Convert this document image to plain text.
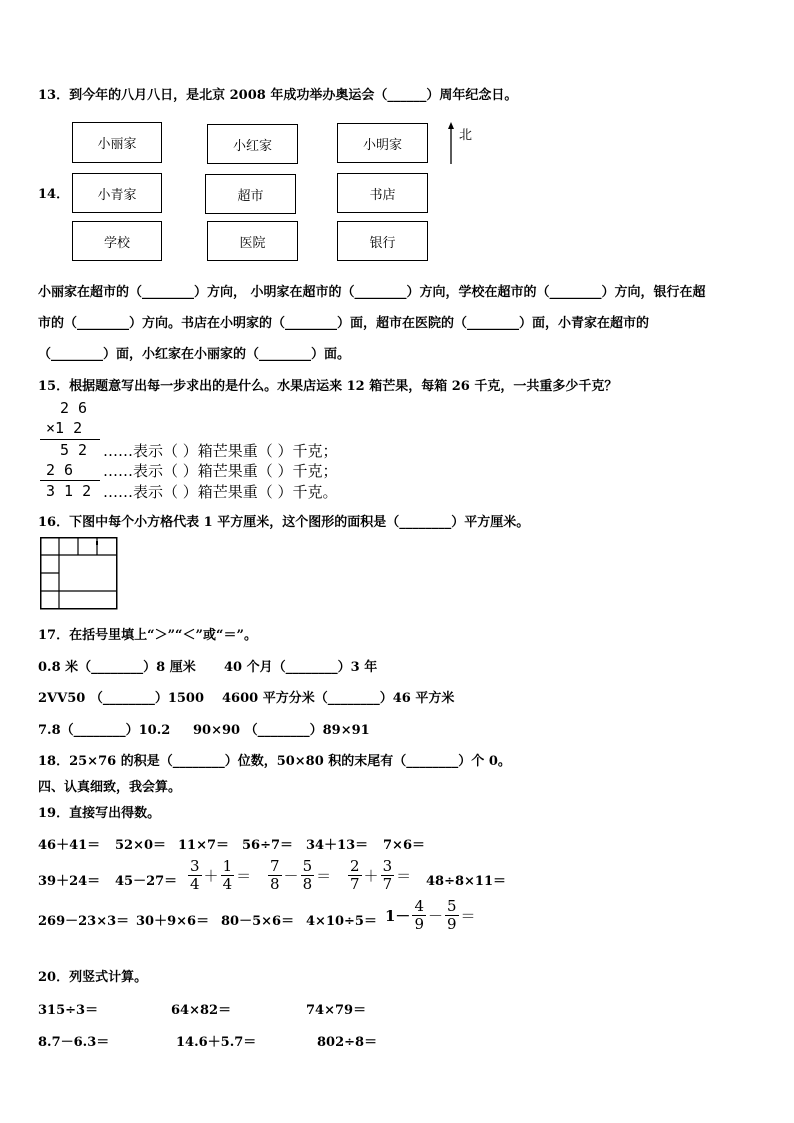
13．到今年的八月八日，是北京 2008 年成功举办奥运会（______）周年纪念日。
14．
小丽家	小红家	小明家
小青家	超市	书店
学校	医院	银行
北
小丽家在超市的（________）方向， 小明家在超市的（________）方向，学校在超市的（________）方向，银行在超
市的（________）方向。书店在小明家的（________）面，超市在医院的（________）面，小青家在超市的
（________）面，小红家在小丽家的（________）面。
15．根据题意写出每一步求出的是什么。水果店运来 12 箱芒果，每箱 26 千克，一共重多少千克？
2 6
×1 2
5 2
2 6
3 1 2
……表示（ ）箱芒果重（ ）千克；
……表示（ ）箱芒果重（ ）千克；
……表示（ ）箱芒果重（ ）千克。
16．下图中每个小方格代表 1 平方厘米，这个图形的面积是（________）平方厘米。
17．在括号里填上“＞”“＜”或“＝”。
0.8 米（________）8 厘米 40 个月（________）3 年
2VV50 （________）1500 4600 平方分米（________）46 平方米
7.8（________）10.2 90×90 （________）89×91
18．25×76 的积是（________）位数，50×80 积的末尾有（________）个 0。
四、认真细致，我会算。
19．直接写出得数。
46＋41＝ 52×0＝ 11×7＝ 56÷7＝ 34＋13＝ 7×6＝
$39+24= 45-27= \frac{3}{4} + \frac{1}{4} = \frac{7}{8} - \frac{5}{8} = \frac{2}{7} + \frac{3}{7} = 48\div 8\times 11=$
$269-23\times 3= 30+9\times 6= 80-5\times 6= 4\times 10\div 5= 1- \frac{4}{9} - \frac{5}{9}$ ＝
20．列竖式计算。
315÷3＝	64×82＝	74×79＝
8.7－6.3＝	14.6＋5.7＝	802÷8＝
